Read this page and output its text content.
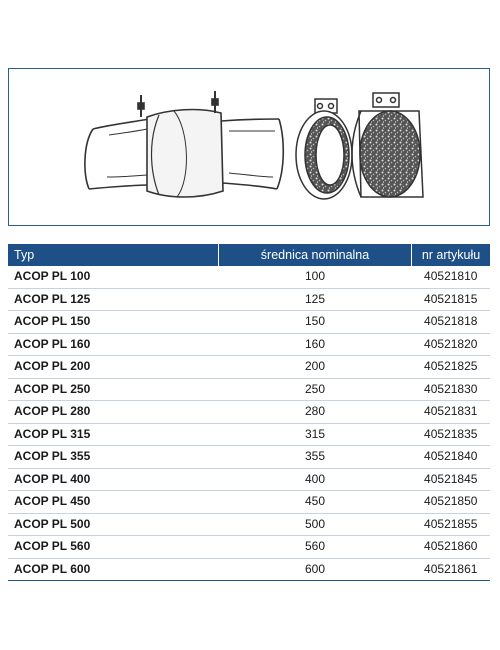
Typ	średnica nominalna	nr artykułu
ACOP PL 100	100	40521810
ACOP PL 125	125	40521815
ACOP PL 150	150	40521818
ACOP PL 160	160	40521820
ACOP PL 200	200	40521825
ACOP PL 250	250	40521830
ACOP PL 280	280	40521831
ACOP PL 315	315	40521835
ACOP PL 355	355	40521840
ACOP PL 400	400	40521845
ACOP PL 450	450	40521850
ACOP PL 500	500	40521855
ACOP PL 560	560	40521860
ACOP PL 600	600	40521861
